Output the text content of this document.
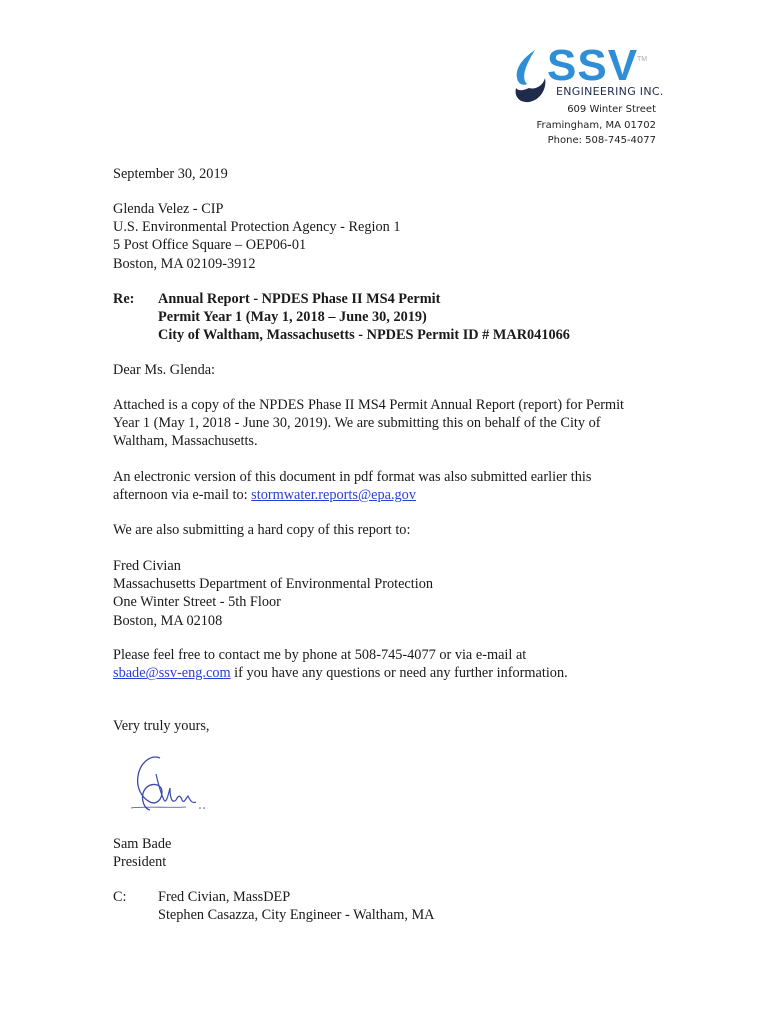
SSV
TM
ENGINEERING INC.
609 Winter Street
Framingham, MA 01702
Phone: 508-745-4077
September 30, 2019
Glenda Velez - CIP
U.S. Environmental Protection Agency - Region 1
5 Post Office Square – OEP06-01
Boston, MA 02109-3912
Re: Annual Report - NPDES Phase II MS4 Permit
Permit Year 1 (May 1, 2018 – June 30, 2019)
City of Waltham, Massachusetts - NPDES Permit ID # MAR041066
Dear Ms. Glenda:
Attached is a copy of the NPDES Phase II MS4 Permit Annual Report (report) for Permit
Year 1 (May 1, 2018 - June 30, 2019). We are submitting this on behalf of the City of
Waltham, Massachusetts.
An electronic version of this document in pdf format was also submitted earlier this
afternoon via e-mail to: stormwater.reports@epa.gov
We are also submitting a hard copy of this report to:
Fred Civian
Massachusetts Department of Environmental Protection
One Winter Street - 5th Floor
Boston, MA 02108
Please feel free to contact me by phone at 508-745-4077 or via e-mail at
sbade@ssv-eng.com if you have any questions or need any further information.
Very truly yours,
Sam Bade
President
C: Fred Civian, MassDEP
Stephen Casazza, City Engineer - Waltham, MA
